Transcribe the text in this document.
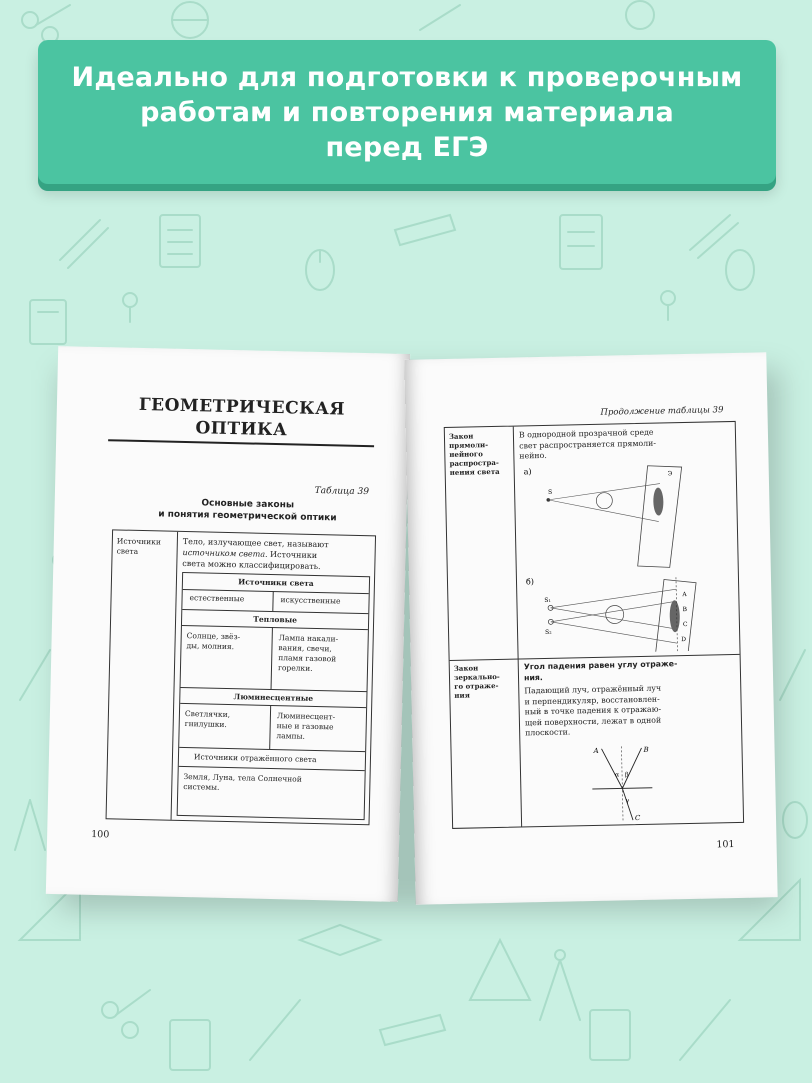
Идеально для подготовки к проверочным
работам и повторения материала
перед ЕГЭ
ГЕОМЕТРИЧЕСКАЯ
ОПТИКА
Таблица 39
Основные законы
и понятия геометрической оптики
Источники
света
Тело, излучающее свет, называют
источником света. Источники
света можно классифицировать.
Источники света
естественные	искусственные
Тепловые
Солнце, звёз-
ды, молния.
Лампа накали-
вания, свечи,
пламя газовой
горелки.
Люминесцентные
Светлячки,
гнилушки.
Люминесцент-
ные и газовые
лампы.
Источники отражённого света
Земля, Луна, тела Солнечной
системы.
100
Продолжение таблицы 39
Закон
прямоли-
нейного
распростра-
нения света
В однородной прозрачной среде
свет распространяется прямоли-
нейно.
а)
S
Э
б)
S₁
S₂
A
B
C
D
Закон
зеркально-
го отраже-
ния
Угол падения равен углу отраже-
ния.
Падающий луч, отражённый луч
и перпендикуляр, восстановлен-
ный в точке падения к отражаю-
щей поверхности, лежат в одной
плоскости.
A	B
C
α β
γ
101
